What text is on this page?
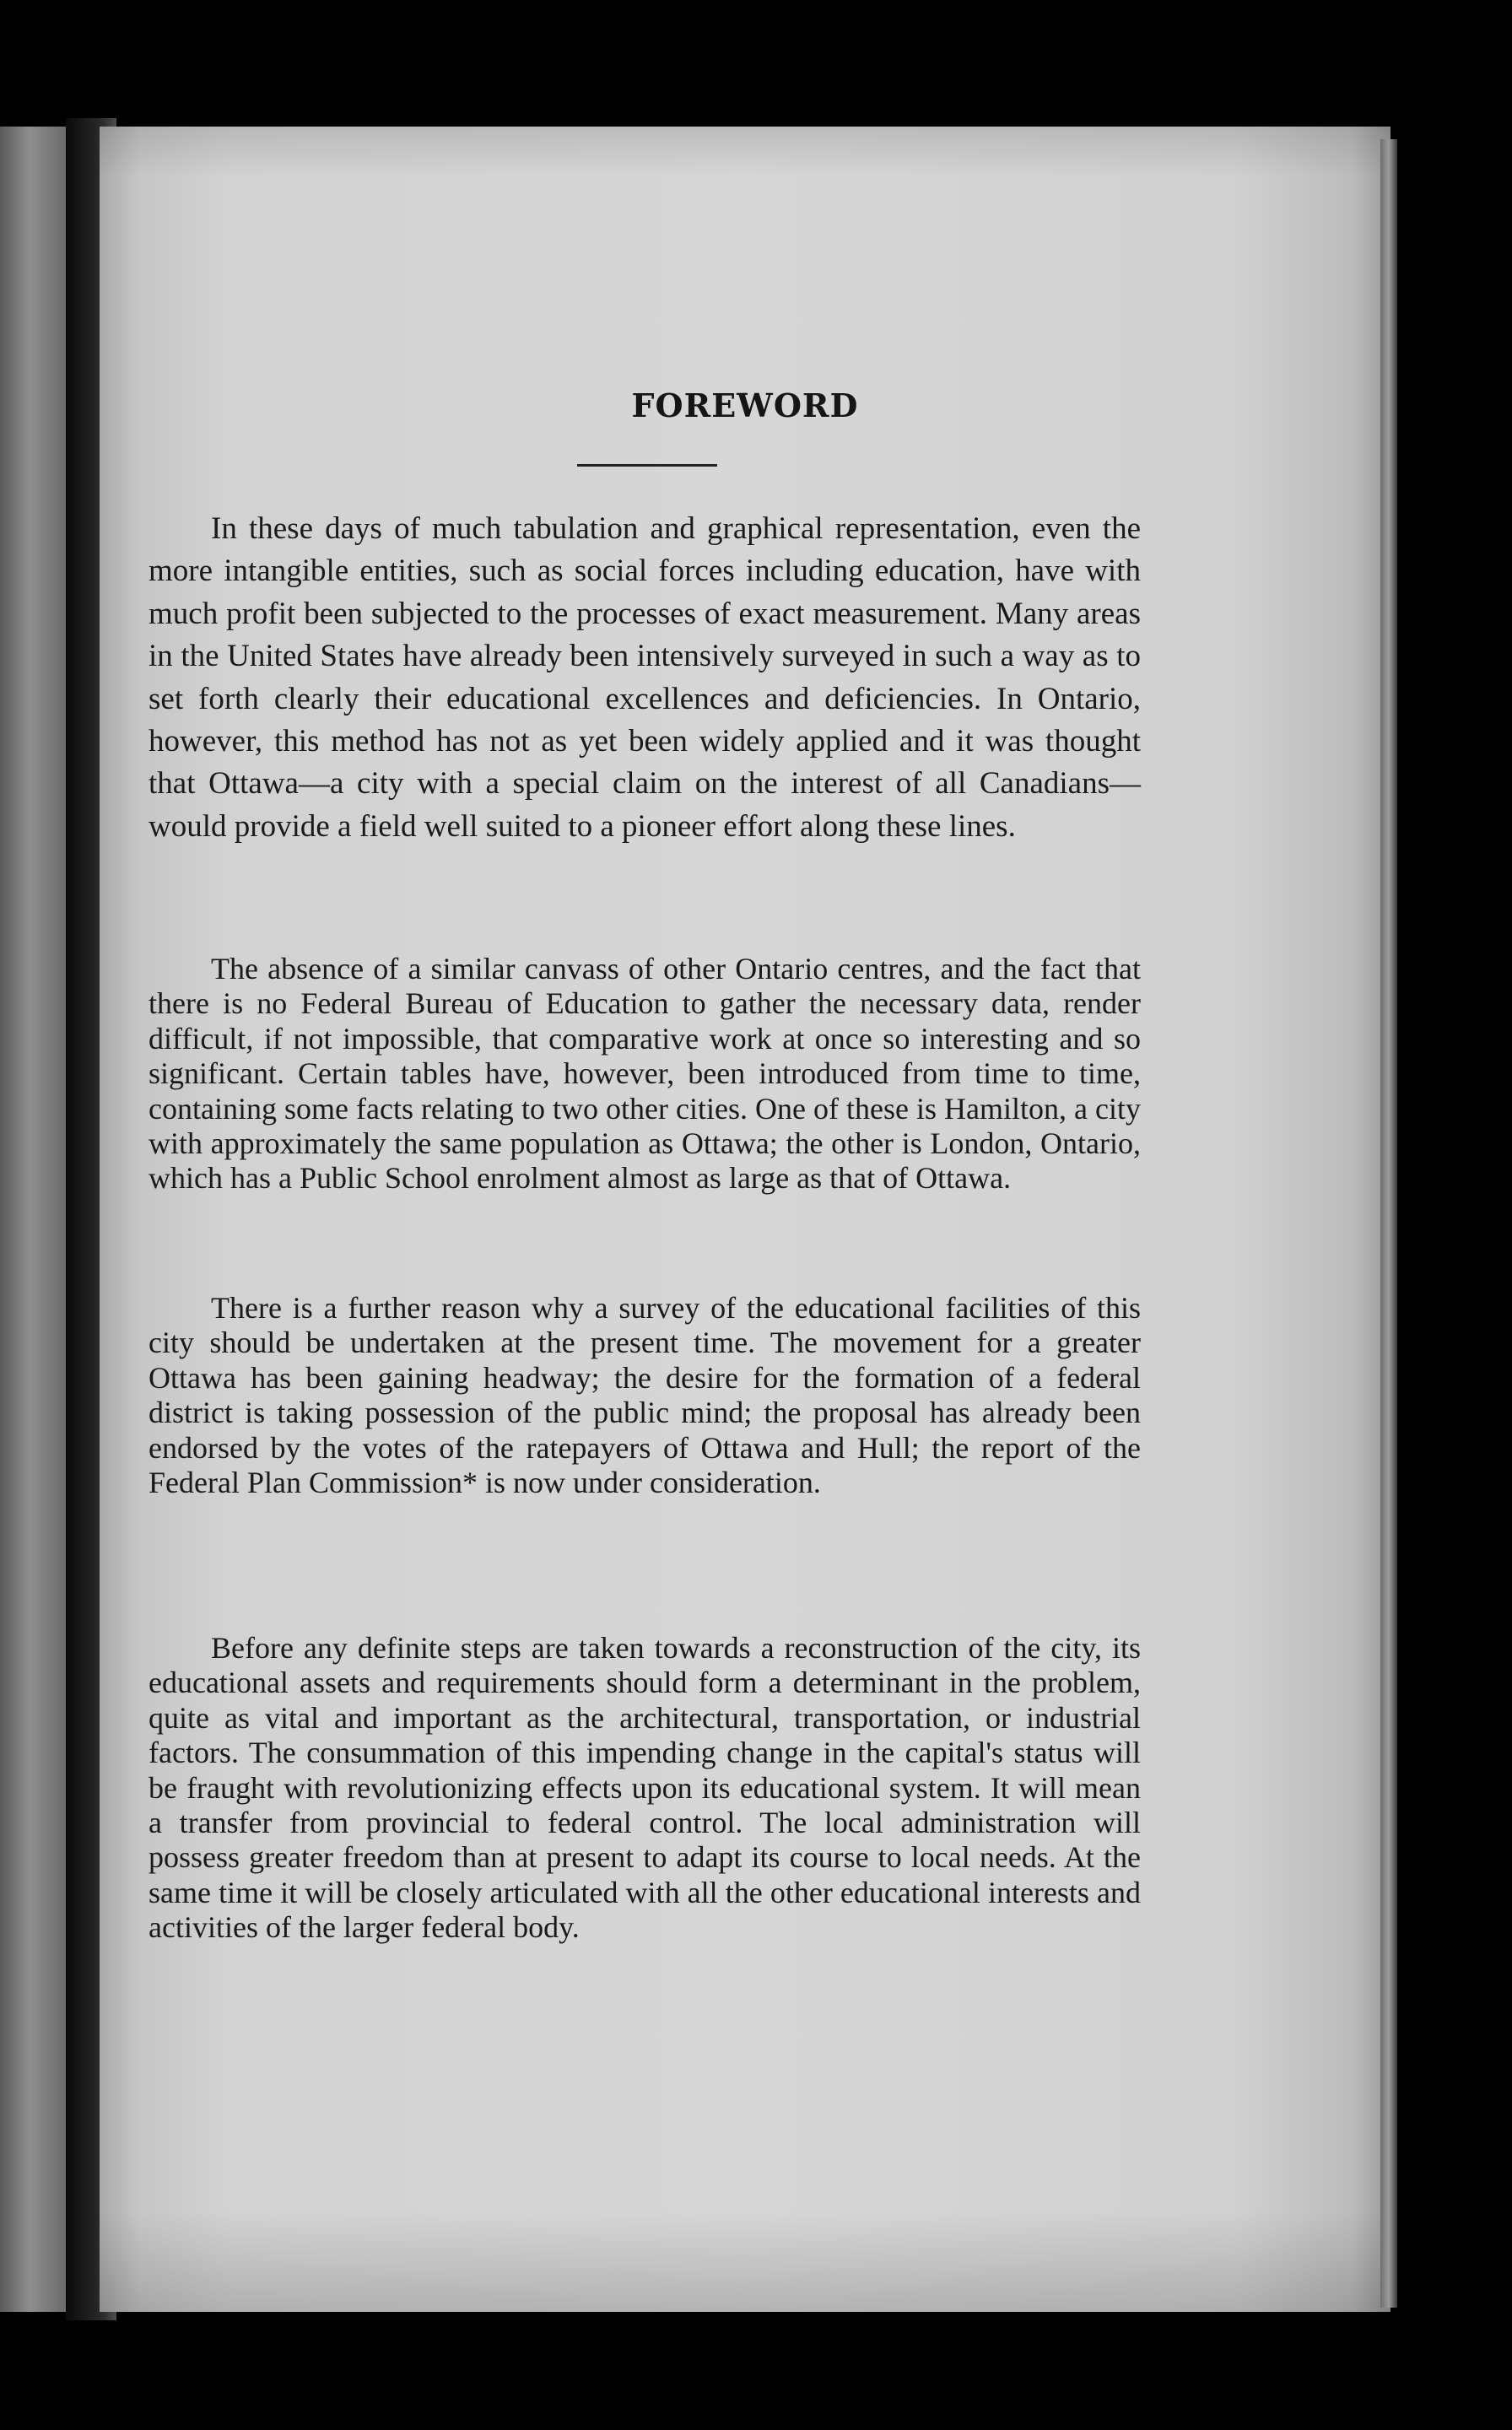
FOREWORD

In these days of much tabulation and graphical representation, even the more intangible entities, such as social forces including education, have with much profit been subjected to the processes of exact measurement. Many areas in the United States have already been intensively surveyed in such a way as to set forth clearly their educational excellences and deficiencies. In Ontario, however, this method has not as yet been widely applied and it was thought that Ottawa—a city with a special claim on the interest of all Canadians—would provide a field well suited to a pioneer effort along these lines.

The absence of a similar canvass of other Ontario centres, and the fact that there is no Federal Bureau of Education to gather the necessary data, render difficult, if not impossible, that comparative work at once so interesting and so significant. Certain tables have, however, been introduced from time to time, containing some facts relating to two other cities. One of these is Hamilton, a city with approximately the same population as Ottawa; the other is London, Ontario, which has a Public School enrolment almost as large as that of Ottawa.

There is a further reason why a survey of the educational facilities of this city should be undertaken at the present time. The movement for a greater Ottawa has been gaining headway; the desire for the formation of a federal district is taking possession of the public mind; the proposal has already been endorsed by the votes of the ratepayers of Ottawa and Hull; the report of the Federal Plan Commission* is now under consideration.

Before any definite steps are taken towards a reconstruction of the city, its educational assets and requirements should form a determinant in the problem, quite as vital and important as the architectural, transportation, or industrial factors. The consummation of this impending change in the capital's status will be fraught with revolutionizing effects upon its educational system. It will mean a transfer from provincial to federal control. The local administration will possess greater freedom than at present to adapt its course to local needs. At the same time it will be closely articulated with all the other educational interests and activities of the larger federal body.
